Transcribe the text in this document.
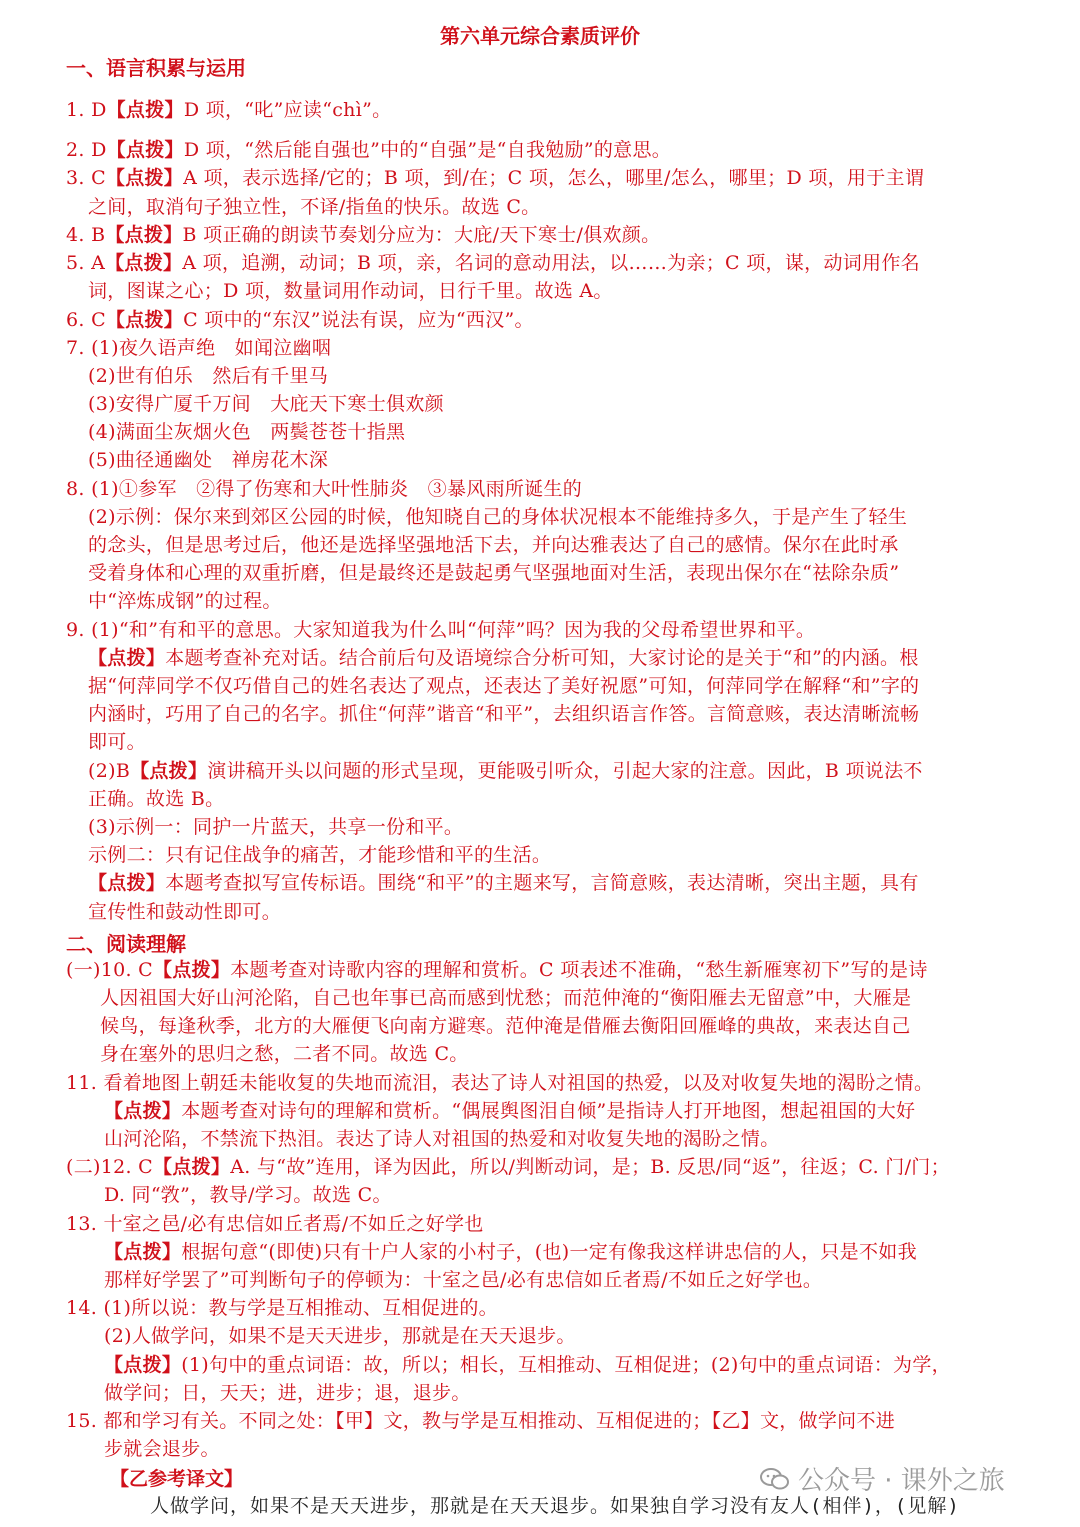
第六单元综合素质评价
一、语言积累与运用
1. D【点拨】D 项，“叱”应读“chì”。
2. D【点拨】D 项，“然后能自强也”中的“自强”是“自我勉励”的意思。
3. C【点拨】A 项，表示选择/它的；B 项，到/在；C 项，怎么，哪里/怎么，哪里；D 项，用于主谓
之间，取消句子独立性，不译/指鱼的快乐。故选 C。
4. B【点拨】B 项正确的朗读节奏划分应为：大庇/天下寒士/俱欢颜。
5. A【点拨】A 项，追溯，动词；B 项，亲，名词的意动用法，以……为亲；C 项，谋，动词用作名
词，图谋之心；D 项，数量词用作动词，日行千里。故选 A。
6. C【点拨】C 项中的“东汉”说法有误，应为“西汉”。
7. (1)夜久语声绝　如闻泣幽咽
(2)世有伯乐　然后有千里马
(3)安得广厦千万间　大庇天下寒士俱欢颜
(4)满面尘灰烟火色　两鬓苍苍十指黑
(5)曲径通幽处　禅房花木深
8. (1)①参军　②得了伤寒和大叶性肺炎　③暴风雨所诞生的
(2)示例：保尔来到郊区公园的时候，他知晓自己的身体状况根本不能维持多久，于是产生了轻生
的念头，但是思考过后，他还是选择坚强地活下去，并向达雅表达了自己的感情。保尔在此时承
受着身体和心理的双重折磨，但是最终还是鼓起勇气坚强地面对生活，表现出保尔在“祛除杂质”
中“淬炼成钢”的过程。
9. (1)“和”有和平的意思。大家知道我为什么叫“何萍”吗？因为我的父母希望世界和平。
【点拨】本题考查补充对话。结合前后句及语境综合分析可知，大家讨论的是关于“和”的内涵。根
据“何萍同学不仅巧借自己的姓名表达了观点，还表达了美好祝愿”可知，何萍同学在解释“和”字的
内涵时，巧用了自己的名字。抓住“何萍”谐音“和平”，去组织语言作答。言简意赅，表达清晰流畅
即可。
(2)B【点拨】演讲稿开头以问题的形式呈现，更能吸引听众，引起大家的注意。因此，B 项说法不
正确。故选 B。
(3)示例一：同护一片蓝天，共享一份和平。
示例二：只有记住战争的痛苦，才能珍惜和平的生活。
【点拨】本题考查拟写宣传标语。围绕“和平”的主题来写，言简意赅，表达清晰，突出主题，具有
宣传性和鼓动性即可。
二、阅读理解
(一)10. C【点拨】本题考查对诗歌内容的理解和赏析。C 项表述不准确，“愁生新雁寒初下”写的是诗
人因祖国大好山河沦陷，自己也年事已高而感到忧愁；而范仲淹的“衡阳雁去无留意”中，大雁是
候鸟，每逢秋季，北方的大雁便飞向南方避寒。范仲淹是借雁去衡阳回雁峰的典故，来表达自己
身在塞外的思归之愁，二者不同。故选 C。
11. 看着地图上朝廷未能收复的失地而流泪，表达了诗人对祖国的热爱，以及对收复失地的渴盼之情。
【点拨】本题考查对诗句的理解和赏析。“偶展舆图泪自倾”是指诗人打开地图，想起祖国的大好
山河沦陷，不禁流下热泪。表达了诗人对祖国的热爱和对收复失地的渴盼之情。
(二)12. C【点拨】A. 与“故”连用，译为因此，所以/判断动词，是；B. 反思/同“返”，往返；C. 门/门；
D. 同“敩”，教导/学习。故选 C。
13. 十室之邑/必有忠信如丘者焉/不如丘之好学也
【点拨】根据句意“(即使)只有十户人家的小村子，(也)一定有像我这样讲忠信的人，只是不如我
那样好学罢了”可判断句子的停顿为：十室之邑/必有忠信如丘者焉/不如丘之好学也。
14. (1)所以说：教与学是互相推动、互相促进的。
(2)人做学问，如果不是天天进步，那就是在天天退步。
【点拨】(1)句中的重点词语：故，所以；相长，互相推动、互相促进；(2)句中的重点词语：为学，
做学问；日，天天；进，进步；退，退步。
15. 都和学习有关。不同之处：【甲】文，教与学是互相推动、互相促进的；【乙】文，做学问不进
步就会退步。
【乙参考译文】
人做学问，如果不是天天进步，那就是在天天退步。如果独自学习没有友人(相伴)，(见解)
公众号 · 课外之旅
